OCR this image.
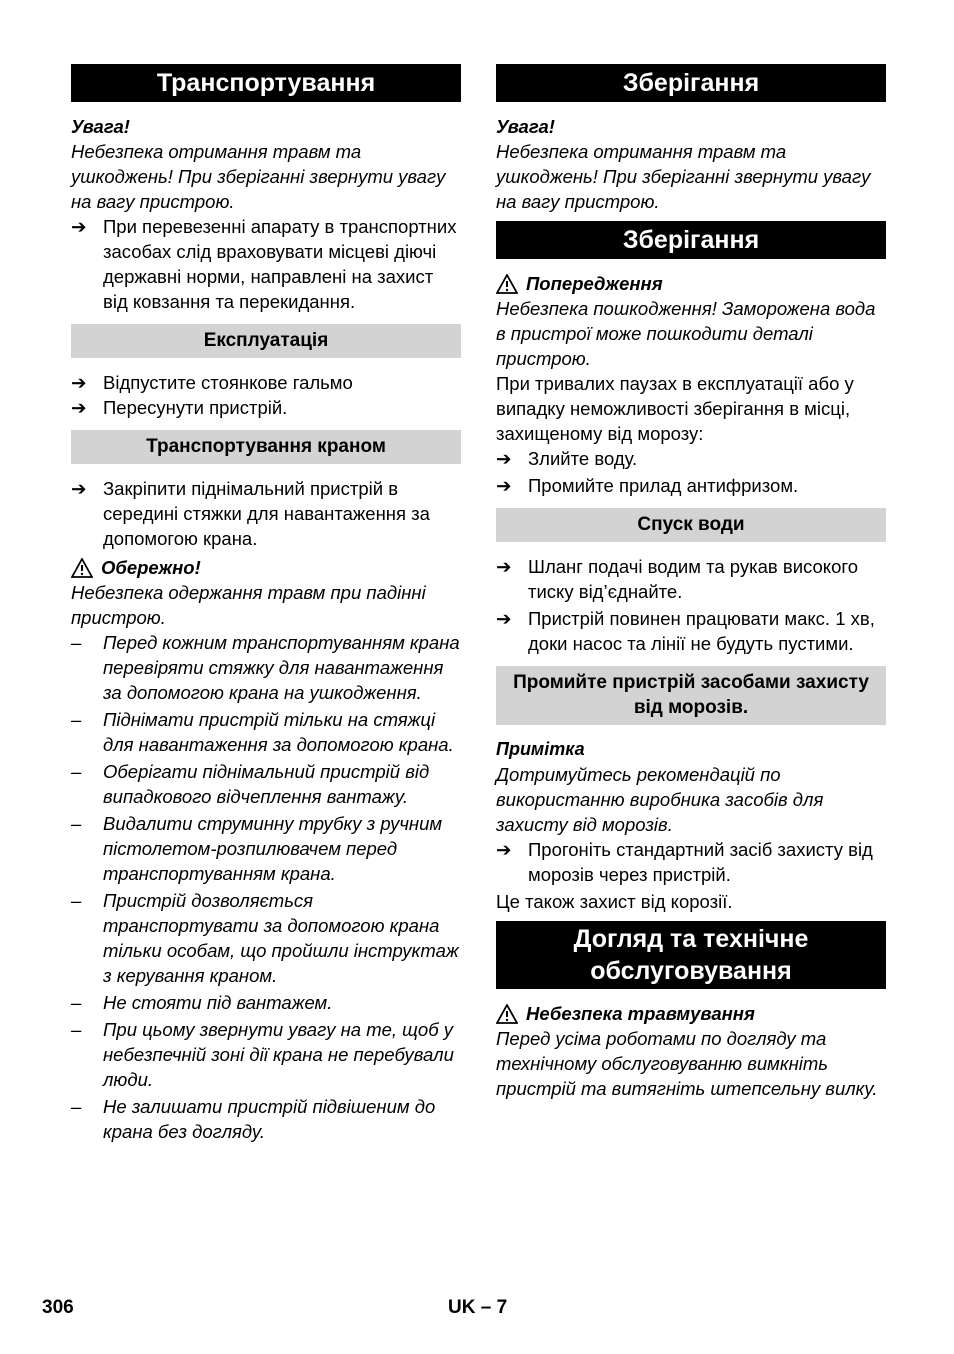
Транспортування
Увага!
Небезпека отримання травм та ушкоджень! При зберіганні звернути увагу на вагу пристрою.
➔ При перевезенні апарату в транспортних засобах слід враховувати місцеві діючі державні норми, направлені на захист від ковзання та перекидання.
Експлуатація
➔ Відпустите стоянкове гальмо
➔ Пересунути пристрій.
Транспортування краном
➔ Закріпити піднімальний пристрій в середині стяжки для навантаження за допомогою крана.
Обережно!
Небезпека одержання травм при падінні пристрою.
–	Перед кожним транспортуванням крана перевіряти стяжку для навантаження за допомогою крана на ушкодження.
–	Піднімати пристрій тільки на стяжці для навантаження за допомогою крана.
–	Оберігати піднімальний пристрій від випадкового відчеплення вантажу.
–	Видалити струминну трубку з ручним пістолетом-розпилювачем перед транспортуванням крана.
–	Пристрій дозволяється транспортувати за допомогою крана тільки особам, що пройшли інструктаж з керування краном.
–	Не стояти під вантажем.
–	При цьому звернути увагу на те, щоб у небезпечній зоні дії крана не перебували люди.
–	Не залишати пристрій підвішеним до крана без догляду.
Зберігання
Увага!
Небезпека отримання травм та ушкоджень! При зберіганні звернути увагу на вагу пристрою.
Зберігання
Попередження
Небезпека пошкодження! Заморожена вода в пристрої може пошкодити деталі пристрою.
При тривалих паузах в експлуатації або у випадку неможливості зберігання в місці, захищеному від морозу:
➔ Злийте воду.
➔ Промийте прилад антифризом.
Спуск води
➔ Шланг подачі водим та рукав високого тиску від’єднайте.
➔ Пристрій повинен працювати макс. 1 хв, доки насос та лінії не будуть пустими.
Промийте пристрій засобами захисту від морозів.
Примітка
Дотримуйтесь рекомендацій по використанню виробника засобів для захисту від морозів.
➔ Прогоніть стандартний засіб захисту від морозів через пристрій.
Це також захист від корозії.
Догляд та технічне обслуговування
Небезпека травмування
Перед усіма роботами по догляду та технічному обслуговуванню вимкніть пристрій та витягніть штепсельну вилку.
306	UK – 7
